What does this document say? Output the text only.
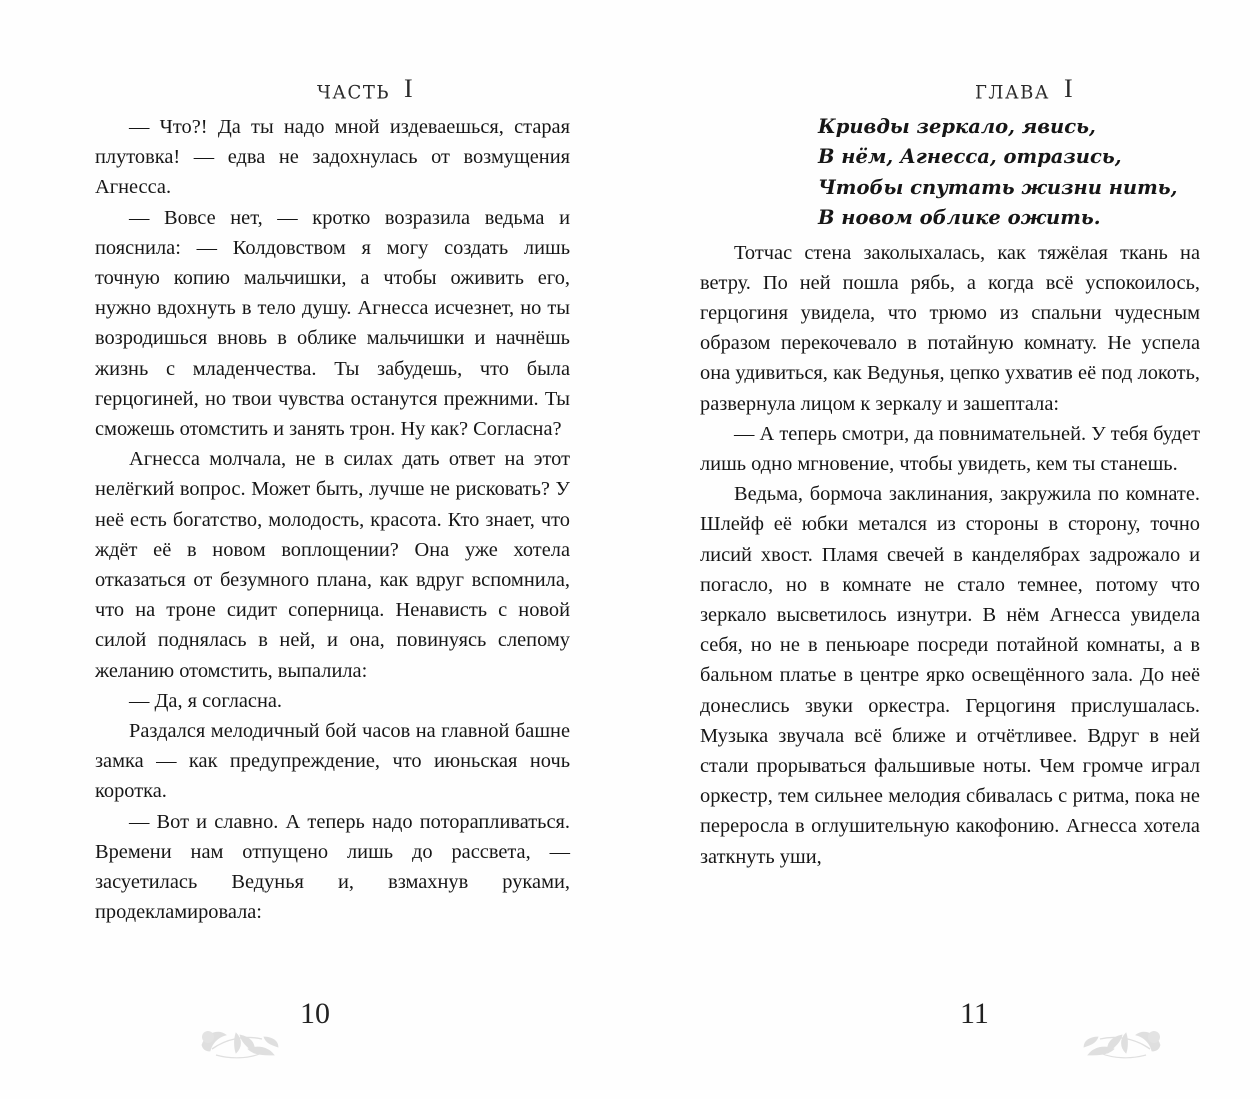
часть I

— Что?! Да ты надо мной издеваешься, старая плутовка! — едва не задохнулась от возмущения Агнесса.

— Вовсе нет, — кротко возразила ведьма и пояснила: — Колдовством я могу создать лишь точную копию мальчишки, а чтобы оживить его, нужно вдохнуть в тело душу. Агнесса исчезнет, но ты возродишься вновь в облике мальчишки и начнёшь жизнь с младенчества. Ты забудешь, что была герцогиней, но твои чувства останутся прежними. Ты сможешь отомстить и занять трон. Ну как? Согласна?

Агнесса молчала, не в силах дать ответ на этот нелёгкий вопрос. Может быть, лучше не рисковать? У неё есть богатство, молодость, красота. Кто знает, что ждёт её в новом воплощении? Она уже хотела отказаться от безумного плана, как вдруг вспомнила, что на троне сидит соперница. Ненависть с новой силой поднялась в ней, и она, повинуясь слепому желанию отомстить, выпалила:

— Да, я согласна.

Раздался мелодичный бой часов на главной башне замка — как предупреждение, что июньская ночь коротка.

— Вот и славно. А теперь надо поторапливаться. Времени нам отпущено лишь до рассвета, — засуетилась Ведунья и, взмахнув руками, продекламировала:

10
глава I
Кривды зеркало, явись,
В нём, Агнесса, отразись,
Чтобы спутать жизни нить,
В новом облике ожить.

Тотчас стена заколыхалась, как тяжёлая ткань на ветру. По ней пошла рябь, а когда всё успокоилось, герцогиня увидела, что трюмо из спальни чудесным образом перекочевало в потайную комнату. Не успела она удивиться, как Ведунья, цепко ухватив её под локоть, развернула лицом к зеркалу и зашептала:

— А теперь смотри, да повнимательней. У тебя будет лишь одно мгновение, чтобы увидеть, кем ты станешь.

Ведьма, бормоча заклинания, закружила по комнате. Шлейф её юбки метался из стороны в сторону, точно лисий хвост. Пламя свечей в канделябрах задрожало и погасло, но в комнате не стало темнее, потому что зеркало высветилось изнутри. В нём Агнесса увидела себя, но не в пеньюаре посреди потайной комнаты, а в бальном платье в центре ярко освещённого зала. До неё донеслись звуки оркестра. Герцогиня прислушалась. Музыка звучала всё ближе и отчётливее. Вдруг в ней стали прорываться фальшивые ноты. Чем громче играл оркестр, тем сильнее мелодия сбивалась с ритма, пока не переросла в оглушительную какофонию. Агнесса хотела заткнуть уши,

11
